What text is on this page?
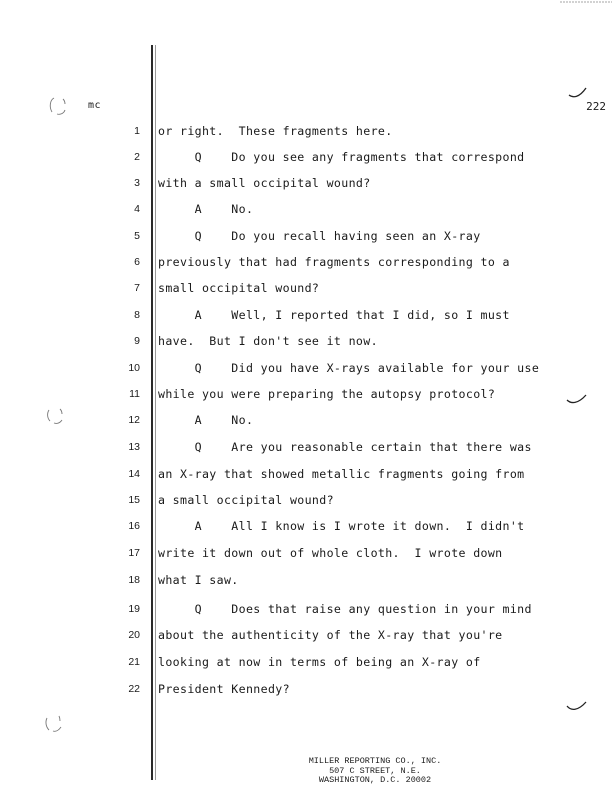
mc	222
1 or right.  These fragments here.
2 Q    Do you see any fragments that correspond
3 with a small occipital wound?
4 A    No.
5 Q    Do you recall having seen an X-ray
6 previously that had fragments corresponding to a
7 small occipital wound?
8 A    Well, I reported that I did, so I must
9 have.  But I don't see it now.
10 Q    Did you have X-rays available for your use
11 while you were preparing the autopsy protocol?
12 A    No.
13 Q    Are you reasonable certain that there was
14 an X-ray that showed metallic fragments going from
15 a small occipital wound?
16 A    All I know is I wrote it down.  I didn't
17 write it down out of whole cloth.  I wrote down
18 what I saw.
19 Q    Does that raise any question in your mind
20 about the authenticity of the X-ray that you're
21 looking at now in terms of being an X-ray of
22 President Kennedy?
MILLER REPORTING CO., INC.
507 C STREET, N.E.
WASHINGTON, D.C. 20002
